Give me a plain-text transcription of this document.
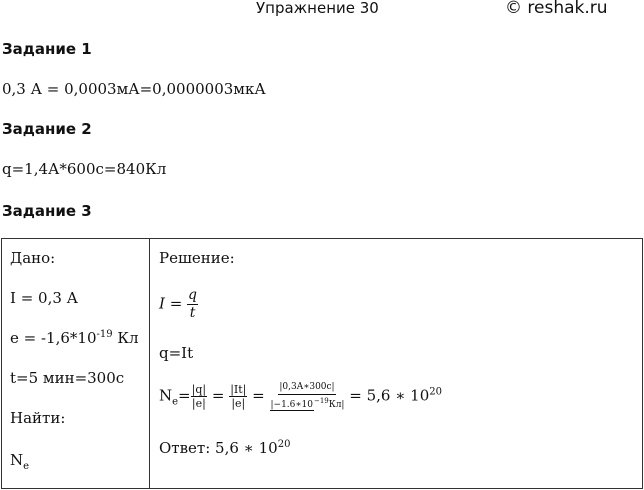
Упражнение 30	© reshak.ru
Задание 1
0,3 А = 0,0003мА=0,0000003мкА
Задание 2
q=1,4А*600с=840Кл
Задание 3
Дано:
I = 0,3 А
$e = -1,6*10^{-19}$ Кл
t=5 мин=300с
Найти:
$N_e$
Решение:
$I = \frac{q}{t}$
q=It
$N_e= \frac{|q|}{|e|} = \frac{|It|}{|e|} = \frac{|0,3A∗300c|}{|-1.6∗10^{-19}Кл|} = 5,6$ ∗ $10^{20}$
Ответ: 5,6 ∗ $10^{20}$
